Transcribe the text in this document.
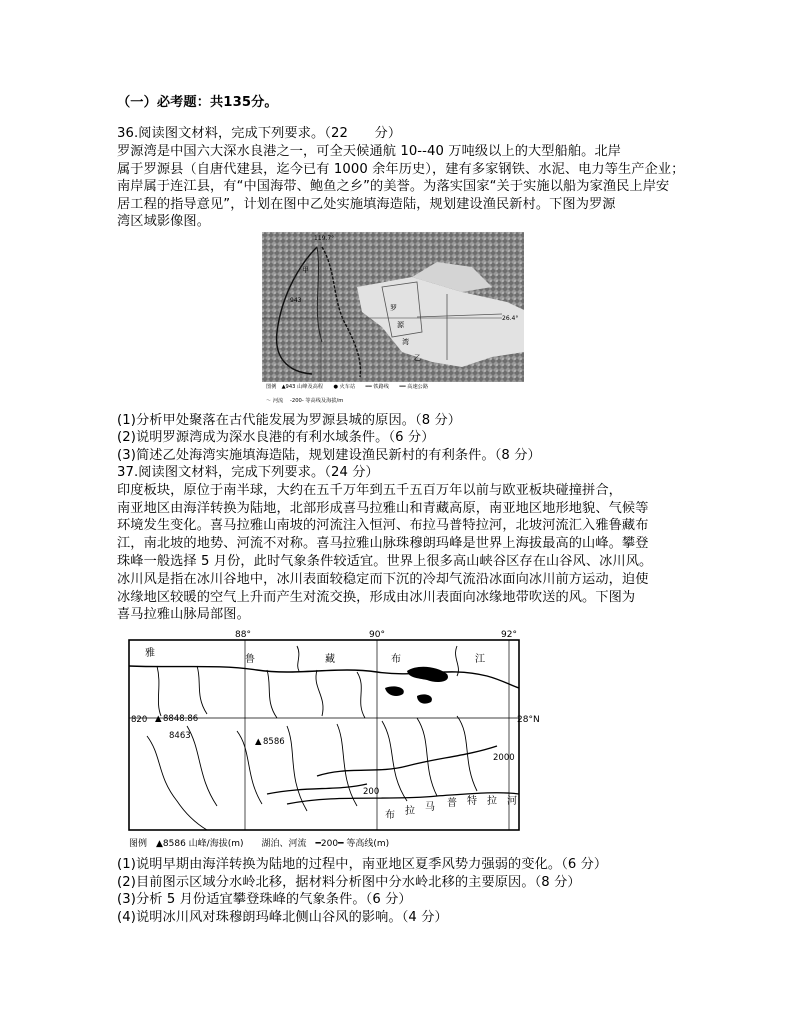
（一）必考题：共135分。
36.阅读图文材料，完成下列要求。（22　　分）
罗源湾是中国六大深水良港之一，可全天候通航 10--40 万吨级以上的大型船舶。北岸
属于罗源县（自唐代建县，迄今已有 1000 余年历史），建有多家钢铁、水泥、电力等生产企业；
南岸属于连江县，有“中国海带、鲍鱼之乡”的美誉。为落实国家“关于实施以船为家渔民上岸安
居工程的指导意见”，计划在图中乙处实施填海造陆，规划建设渔民新村。下图为罗源
湾区域影像图。
119.7°
26.4°
943
甲
罗
源
湾
乙
图例　▲943 山峰及高程　　● 火车站　　━━ 铁路线　　━━ 高速公路
〜 河流　 -200- 等高线及海拔/m
(1)分析甲处聚落在古代能发展为罗源县城的原因。（8 分）
(2)说明罗源湾成为深水良港的有利水域条件。（6 分）
(3)简述乙处海湾实施填海造陆，规划建设渔民新村的有利条件。（8 分）
37.阅读图文材料，完成下列要求。（24 分）
印度板块，原位于南半球，大约在五千万年到五千五百万年以前与欧亚板块碰撞拼合，
南亚地区由海洋转换为陆地，北部形成喜马拉雅山和青藏高原，南亚地区地形地貌、气候等
环境发生变化。喜马拉雅山南坡的河流注入恒河、布拉马普特拉河，北坡河流汇入雅鲁藏布
江，南北坡的地势、河流不对称。喜马拉雅山脉珠穆朗玛峰是世界上海拔最高的山峰。攀登
珠峰一般选择 5 月份，此时气象条件较适宜。世界上很多高山峡谷区存在山谷风、冰川风。
冰川风是指在冰川谷地中，冰川表面较稳定而下沉的冷却气流沿冰面向冰川前方运动，迫使
冰缘地区较暖的空气上升而产生对流交换，形成由冰川表面向冰缘地带吹送的风。下图为
喜马拉雅山脉局部图。
88°	90°	92°
28°N
雅
鲁	藏	布	江
布 拉 马 普 特 拉 河
820 ▲ 8848.86
8463
▲ 8586
200
2000
图例　▲8586 山峰/海拔(m)　　湖泊、河流　━200━ 等高线(m)
(1)说明早期由海洋转换为陆地的过程中，南亚地区夏季风势力强弱的变化。（6 分）
(2)目前图示区域分水岭北移，据材料分析图中分水岭北移的主要原因。（8 分）
(3)分析 5 月份适宜攀登珠峰的气象条件。（6 分）
(4)说明冰川风对珠穆朗玛峰北侧山谷风的影响。（4 分）
